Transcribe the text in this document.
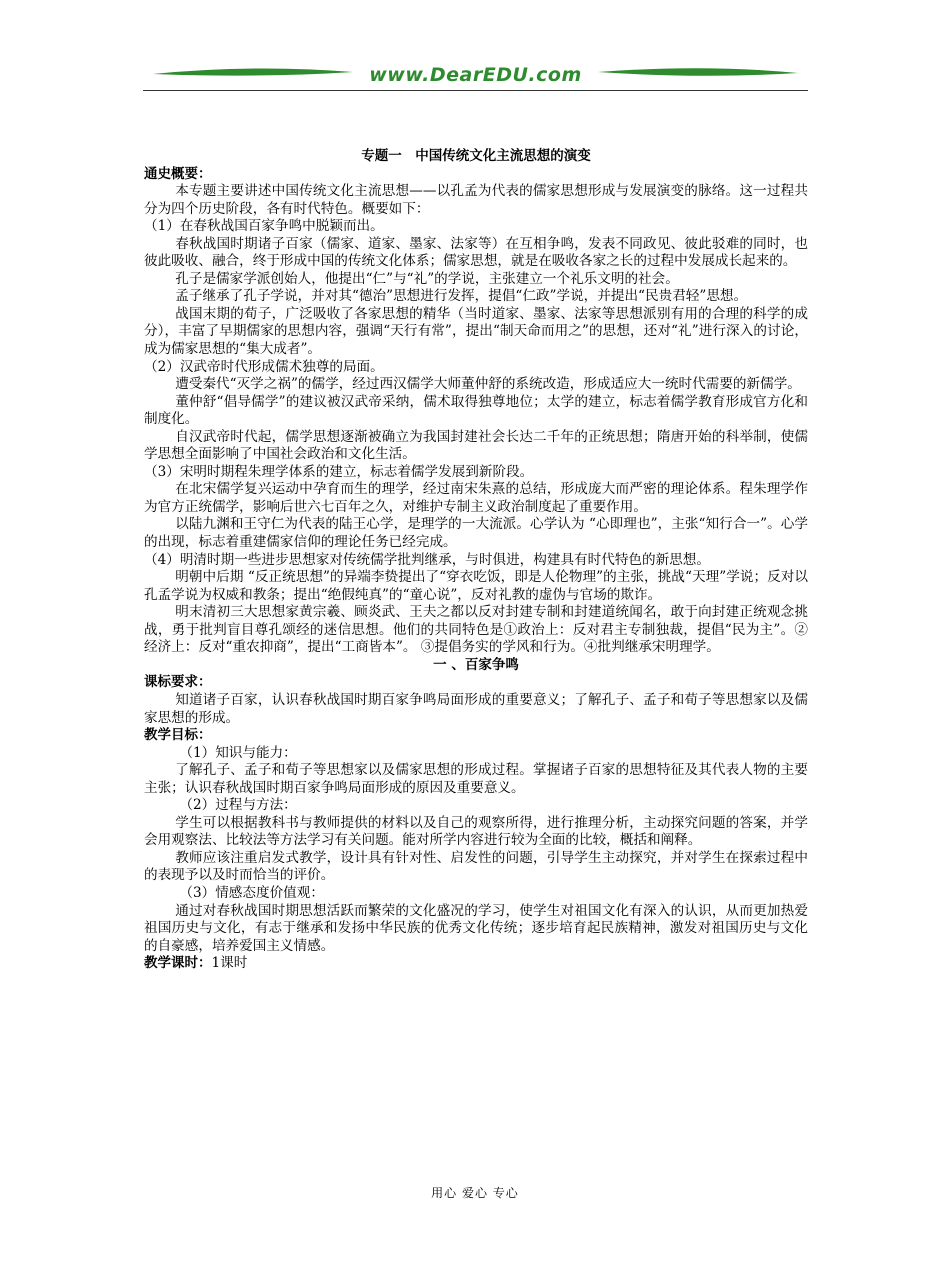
www.DearEDU.com

专题一　中国传统文化主流思想的演变

通史概要：

本专题主要讲述中国传统文化主流思想——以孔孟为代表的儒家思想形成与发展演变的脉络。这一过程共分为四个历史阶段，各有时代特色。概要如下：

（1）在春秋战国百家争鸣中脱颖而出。

春秋战国时期诸子百家（儒家、道家、墨家、法家等）在互相争鸣，发表不同政见、彼此驳难的同时，也彼此吸收、融合，终于形成中国的传统文化体系；儒家思想，就是在吸收各家之长的过程中发展成长起来的。

孔子是儒家学派创始人，他提出“仁”与“礼”的学说，主张建立一个礼乐文明的社会。

孟子继承了孔子学说，并对其“德治”思想进行发挥，提倡“仁政”学说，并提出“民贵君轻”思想。

战国末期的荀子，广泛吸收了各家思想的精华（当时道家、墨家、法家等思想派别有用的合理的科学的成分），丰富了早期儒家的思想内容，强调“天行有常”，提出“制天命而用之”的思想，还对“礼”进行深入的讨论，成为儒家思想的“集大成者”。

（2）汉武帝时代形成儒术独尊的局面。

遭受秦代“灭学之祸”的儒学，经过西汉儒学大师董仲舒的系统改造，形成适应大一统时代需要的新儒学。

董仲舒“倡导儒学”的建议被汉武帝采纳，儒术取得独尊地位；太学的建立，标志着儒学教育形成官方化和制度化。

自汉武帝时代起，儒学思想逐渐被确立为我国封建社会长达二千年的正统思想；隋唐开始的科举制，使儒学思想全面影响了中国社会政治和文化生活。

（3）宋明时期程朱理学体系的建立，标志着儒学发展到新阶段。

在北宋儒学复兴运动中孕育而生的理学，经过南宋朱熹的总结，形成庞大而严密的理论体系。程朱理学作为官方正统儒学，影响后世六七百年之久，对维护专制主义政治制度起了重要作用。

以陆九渊和王守仁为代表的陆王心学，是理学的一大流派。心学认为 “心即理也”，主张“知行合一”。心学的出现，标志着重建儒家信仰的理论任务已经完成。

（4）明清时期一些进步思想家对传统儒学批判继承，与时俱进，构建具有时代特色的新思想。

明朝中后期 “反正统思想”的异端李贽提出了“穿衣吃饭，即是人伦物理”的主张，挑战“天理”学说；反对以孔孟学说为权威和教条；提出“绝假纯真”的“童心说”，反对礼教的虚伪与官场的欺诈。

明末清初三大思想家黄宗羲、顾炎武、王夫之都以反对封建专制和封建道统闻名，敢于向封建正统观念挑战，勇于批判盲目尊孔颂经的迷信思想。他们的共同特色是①政治上：反对君主专制独裁，提倡“民为主”。②经济上：反对“重农抑商”，提出“工商皆本”。 ③提倡务实的学风和行为。④批判继承宋明理学。

一 、百家争鸣

课标要求：

知道诸子百家，认识春秋战国时期百家争鸣局面形成的重要意义；了解孔子、孟子和荀子等思想家以及儒家思想的形成。

教学目标：

（1）知识与能力：

了解孔子、孟子和荀子等思想家以及儒家思想的形成过程。掌握诸子百家的思想特征及其代表人物的主要主张；认识春秋战国时期百家争鸣局面形成的原因及重要意义。

（2）过程与方法：

学生可以根据教科书与教师提供的材料以及自己的观察所得，进行推理分析，主动探究问题的答案，并学会用观察法、比较法等方法学习有关问题。能对所学内容进行较为全面的比较，概括和阐释。

教师应该注重启发式教学，设计具有针对性、启发性的问题，引导学生主动探究，并对学生在探索过程中的表现予以及时而恰当的评价。

（3）情感态度价值观：

通过对春秋战国时期思想活跃而繁荣的文化盛况的学习，使学生对祖国文化有深入的认识，从而更加热爱祖国历史与文化，有志于继承和发扬中华民族的优秀文化传统；逐步培育起民族精神，激发对祖国历史与文化的自豪感，培养爱国主义情感。

教学课时：1课时

用心 爱心 专心
